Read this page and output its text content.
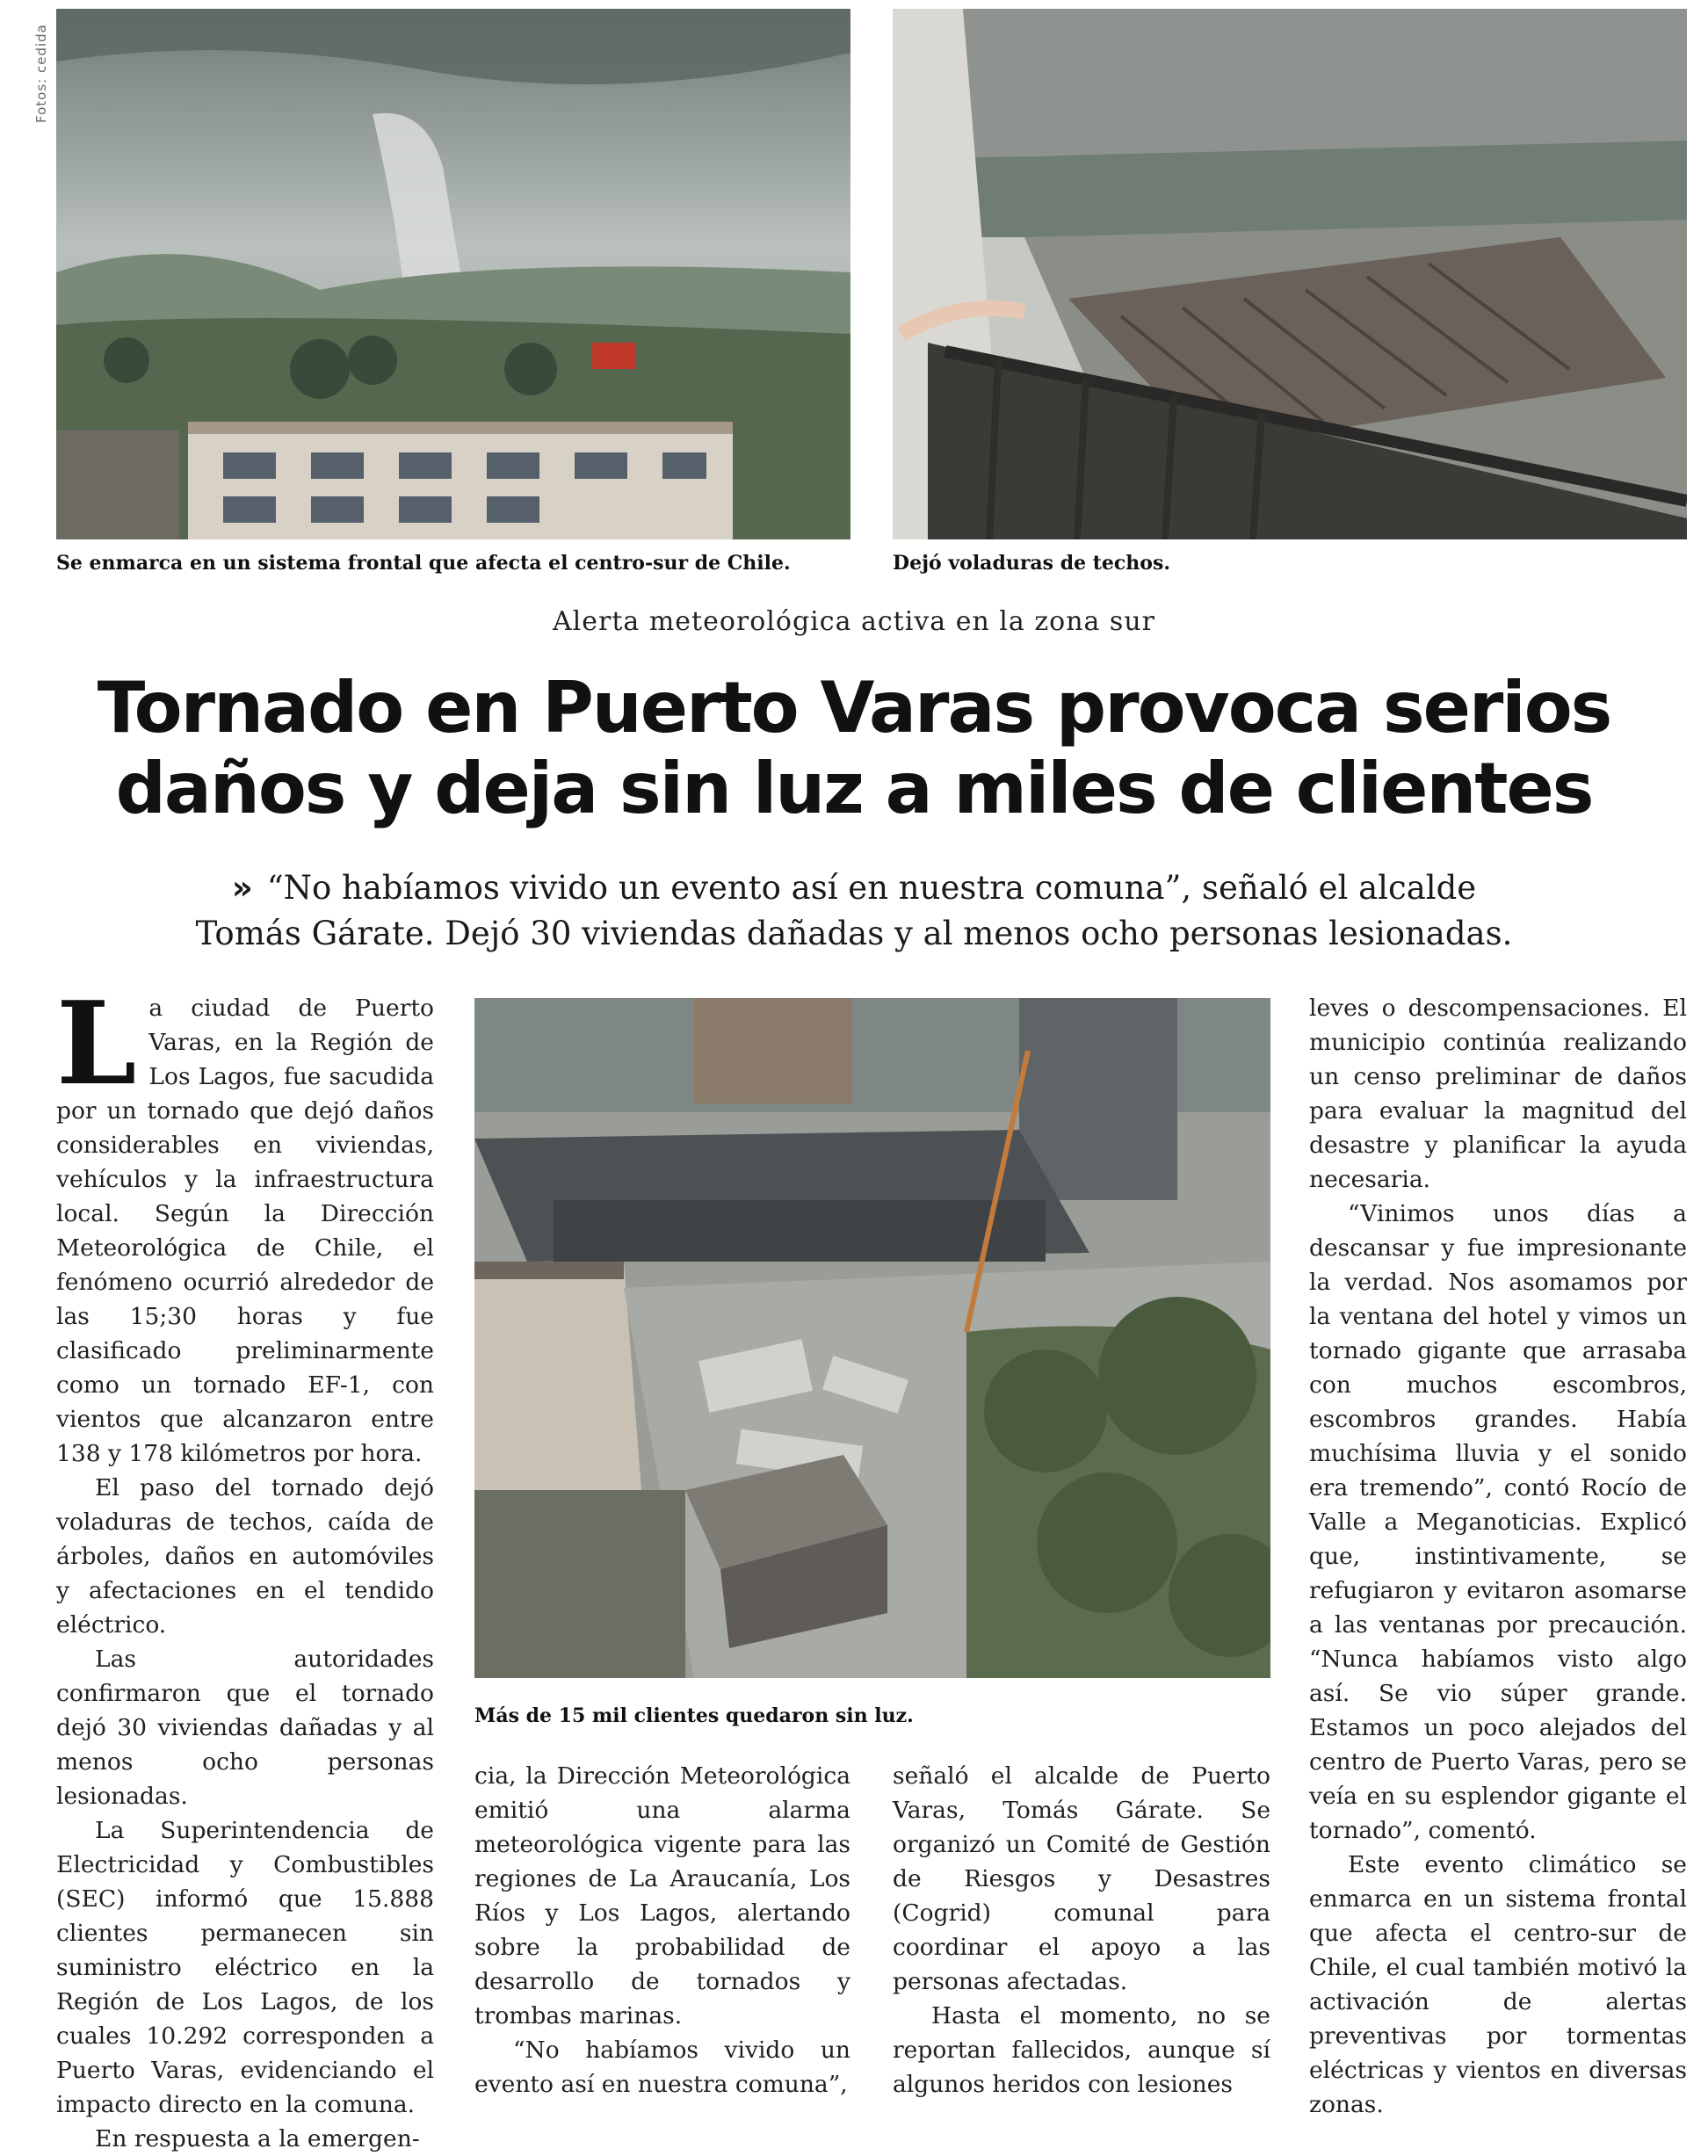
Fotos: cedida
Se enmarca en un sistema frontal que afecta el centro-sur de Chile.	Dejó voladuras de techos.
Alerta meteorológica activa en la zona sur
Tornado en Puerto Varas provoca serios
daños y deja sin luz a miles de clientes
» “No habíamos vivido un evento así en nuestra comuna”, señaló el alcalde
Tomás Gárate. Dejó 30 viviendas dañadas y al menos ocho personas lesionadas.
Más de 15 mil clientes quedaron sin luz.

La ciudad de Puerto Varas, en la Región de Los Lagos, fue sacudida por un tornado que dejó daños considerables en viviendas, vehículos y la infraestructura local. Según la Dirección Meteorológica de Chile, el fenómeno ocurrió alrededor de las 15;30 horas y fue clasificado preliminarmente como un tornado EF-1, con vientos que alcanzaron entre 138 y 178 kilómetros por hora.

El paso del tornado dejó voladuras de techos, caída de árboles, daños en automóviles y afectaciones en el tendido eléctrico.

Las autoridades confirmaron que el tornado dejó 30 viviendas dañadas y al menos ocho personas lesionadas.

La Superintendencia de Electricidad y Combustibles (SEC) informó que 15.888 clientes permanecen sin suministro eléctrico en la Región de Los Lagos, de los cuales 10.292 corresponden a Puerto Varas, evidenciando el impacto directo en la comuna.

En respuesta a la emergen-

cia, la Dirección Meteorológica emitió una alarma meteorológica vigente para las regiones de La Araucanía, Los Ríos y Los Lagos, alertando sobre la probabilidad de desarrollo de tornados y trombas marinas.

“No habíamos vivido un evento así en nuestra comuna”,

señaló el alcalde de Puerto Varas, Tomás Gárate. Se organizó un Comité de Gestión de Riesgos y Desastres (Cogrid) comunal para coordinar el apoyo a las personas afectadas.

Hasta el momento, no se reportan fallecidos, aunque sí algunos heridos con lesiones

leves o descompensaciones. El municipio continúa realizando un censo preliminar de daños para evaluar la magnitud del desastre y planificar la ayuda necesaria.

“Vinimos unos días a descansar y fue impresionante la verdad. Nos asomamos por la ventana del hotel y vimos un tornado gigante que arrasaba con muchos escombros, escombros grandes. Había muchísima lluvia y el sonido era tremendo”, contó Rocío de Valle a Meganoticias. Explicó que, instintivamente, se refugiaron y evitaron asomarse a las ventanas por precaución. “Nunca habíamos visto algo así. Se vio súper grande. Estamos un poco alejados del centro de Puerto Varas, pero se veía en su esplendor gigante el tornado”, comentó.

Este evento climático se enmarca en un sistema frontal que afecta el centro-sur de Chile, el cual también motivó la activación de alertas preventivas por tormentas eléctricas y vientos en diversas zonas.
